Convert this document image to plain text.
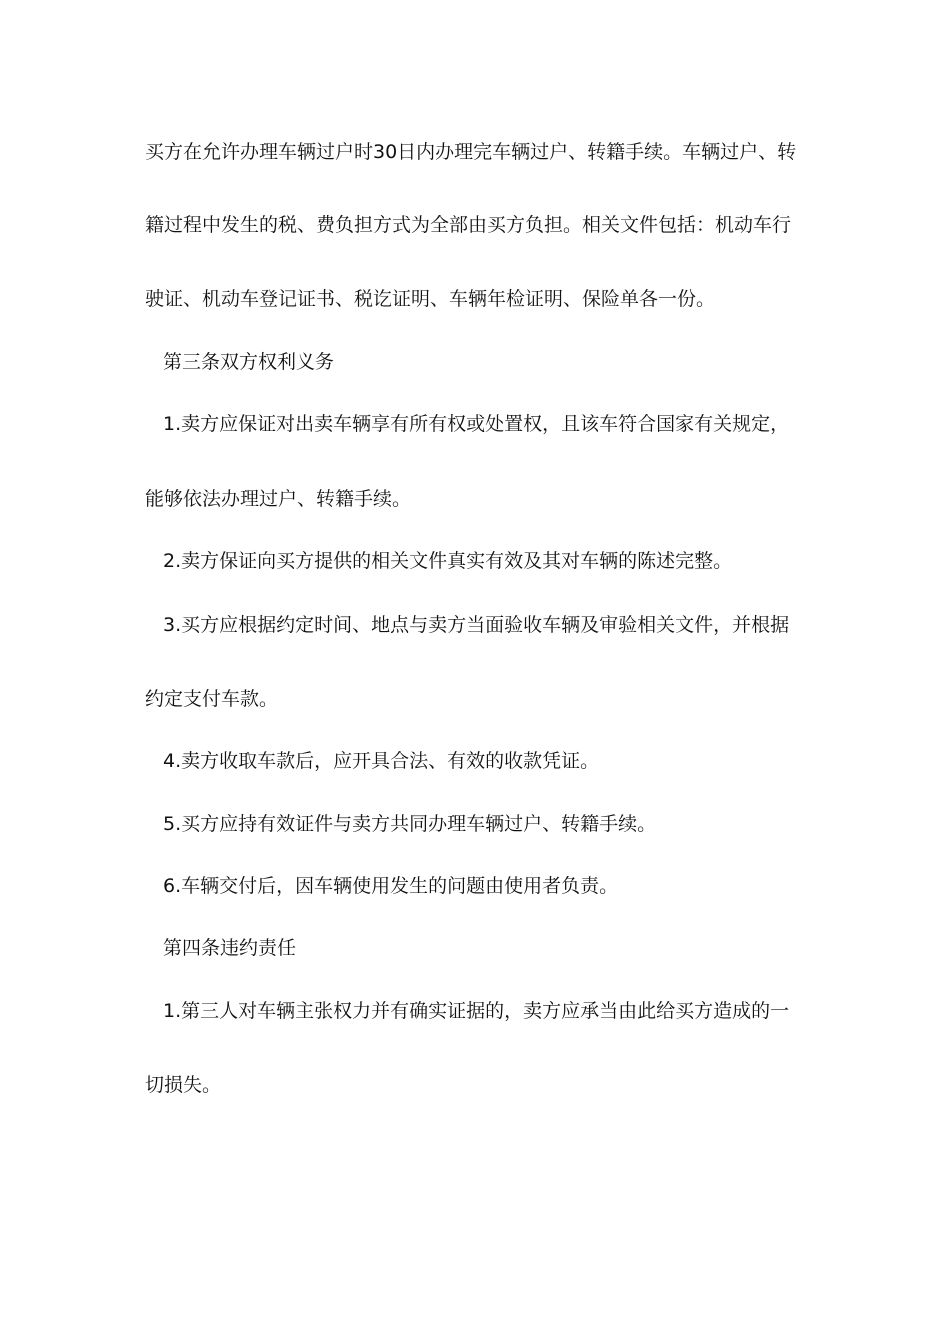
买方在允许办理车辆过户时30日内办理完车辆过户、转籍手续。车辆过户、转
籍过程中发生的税、费负担方式为全部由买方负担。相关文件包括：机动车行
驶证、机动车登记证书、税讫证明、车辆年检证明、保险单各一份。
第三条双方权利义务
1.卖方应保证对出卖车辆享有所有权或处置权，且该车符合国家有关规定，
能够依法办理过户、转籍手续。
2.卖方保证向买方提供的相关文件真实有效及其对车辆的陈述完整。
3.买方应根据约定时间、地点与卖方当面验收车辆及审验相关文件，并根据
约定支付车款。
4.卖方收取车款后，应开具合法、有效的收款凭证。
5.买方应持有效证件与卖方共同办理车辆过户、转籍手续。
6.车辆交付后，因车辆使用发生的问题由使用者负责。
第四条违约责任
1.第三人对车辆主张权力并有确实证据的，卖方应承当由此给买方造成的一
切损失。
